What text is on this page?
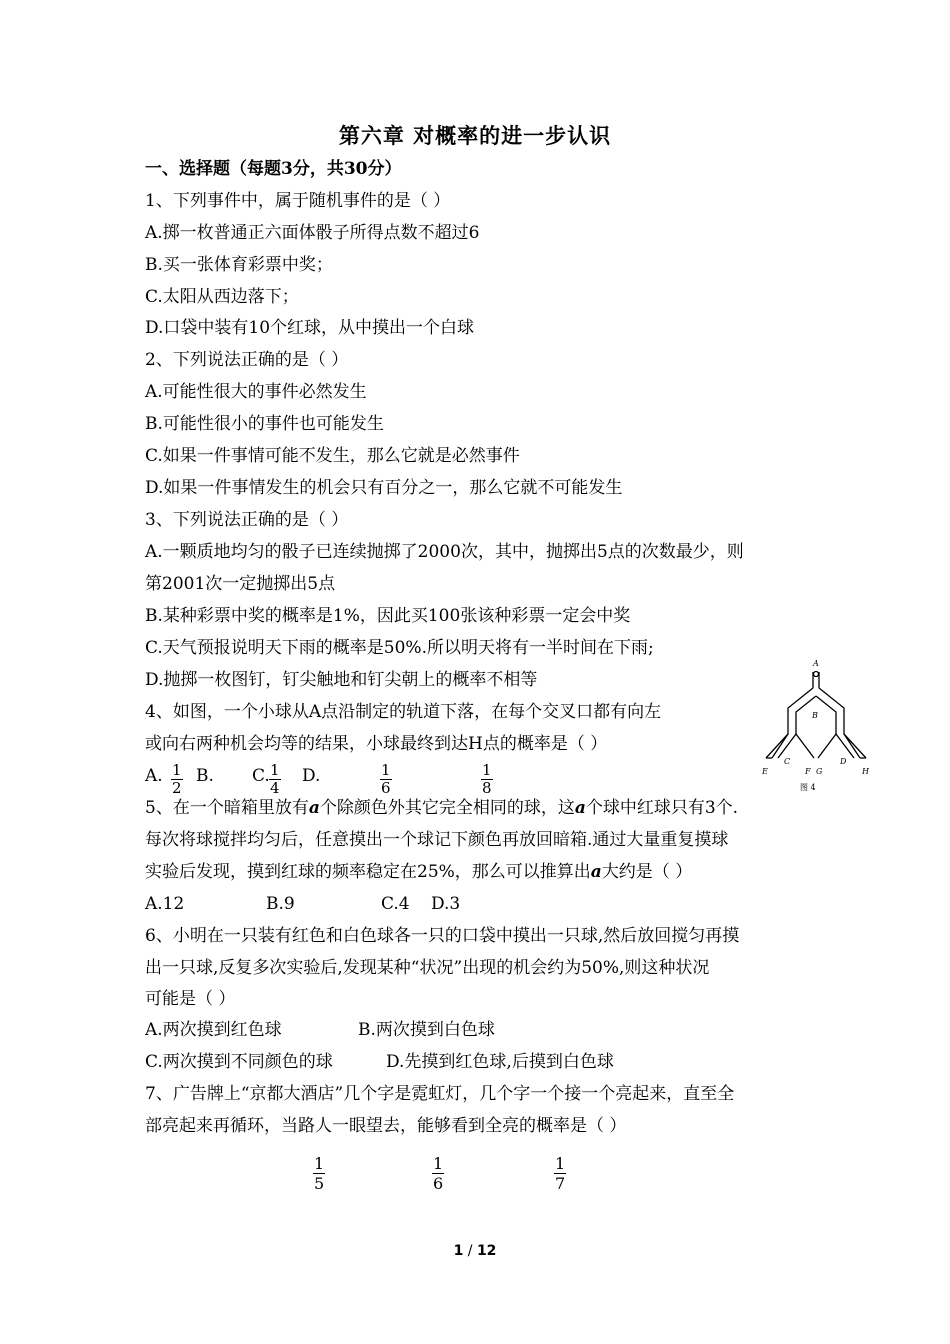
第六章 对概率的进一步认识
一、选择题（每题3分，共30分）
1、下列事件中，属于随机事件的是（ ）
A.掷一枚普通正六面体骰子所得点数不超过6
B.买一张体育彩票中奖；
C.太阳从西边落下；
D.口袋中装有10个红球，从中摸出一个白球
2、下列说法正确的是（ ）
A.可能性很大的事件必然发生
B.可能性很小的事件也可能发生
C.如果一件事情可能不发生，那么它就是必然事件
D.如果一件事情发生的机会只有百分之一，那么它就不可能发生
3、下列说法正确的是（ ）
A.一颗质地均匀的骰子已连续抛掷了2000次，其中，抛掷出5点的次数最少，则
第2001次一定抛掷出5点
B.某种彩票中奖的概率是1%，因此买100张该种彩票一定会中奖
C.天气预报说明天下雨的概率是50%.所以明天将有一半时间在下雨;
D.抛掷一枚图钉，钉尖触地和钉尖朝上的概率不相等
4、如图，一个小球从A点沿制定的轨道下落，在每个交叉口都有向左
或向右两种机会均等的结果，小球最终到达H点的概率是（ ）
A. 1
2
B. C. 1
4
D.	1
6
1
8
A
B
C	D
E	F G	H
图 4
5、在一个暗箱里放有a个除颜色外其它完全相同的球，这a个球中红球只有3个.
每次将球搅拌均匀后，任意摸出一个球记下颜色再放回暗箱.通过大量重复摸球
实验后发现，摸到红球的频率稳定在25%，那么可以推算出a大约是（ ）
A.12	B.9	C.4 D.3
6、小明在一只装有红色和白色球各一只的口袋中摸出一只球,然后放回搅匀再摸
出一只球,反复多次实验后,发现某种“状况”出现的机会约为50%,则这种状况
可能是（ ）
A.两次摸到红色球	B.两次摸到白色球
C.两次摸到不同颜色的球	D.先摸到红色球,后摸到白色球
7、广告牌上“京都大酒店”几个字是霓虹灯，几个字一个接一个亮起来，直至全
部亮起来再循环，当路人一眼望去，能够看到全亮的概率是（ ）
1
5
1
6
1
7
1 / 12
